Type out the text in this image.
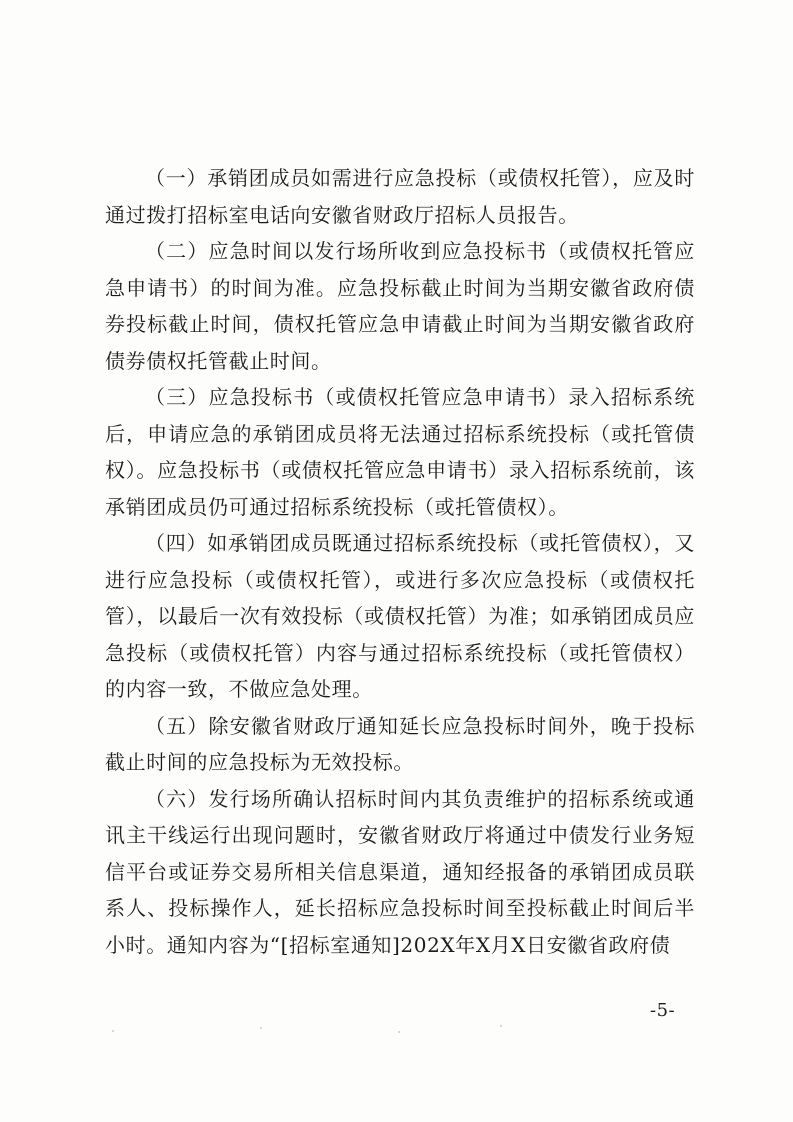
（一）承销团成员如需进行应急投标（或债权托管），应及时通过拨打招标室电话向安徽省财政厅招标人员报告。

（二）应急时间以发行场所收到应急投标书（或债权托管应急申请书）的时间为准。应急投标截止时间为当期安徽省政府债券投标截止时间，债权托管应急申请截止时间为当期安徽省政府债券债权托管截止时间。

（三）应急投标书（或债权托管应急申请书）录入招标系统后，申请应急的承销团成员将无法通过招标系统投标（或托管债权）。应急投标书（或债权托管应急申请书）录入招标系统前，该承销团成员仍可通过招标系统投标（或托管债权）。

（四）如承销团成员既通过招标系统投标（或托管债权），又进行应急投标（或债权托管），或进行多次应急投标（或债权托管），以最后一次有效投标（或债权托管）为准；如承销团成员应急投标（或债权托管）内容与通过招标系统投标（或托管债权）的内容一致，不做应急处理。

（五）除安徽省财政厅通知延长应急投标时间外，晚于投标截止时间的应急投标为无效投标。

（六）发行场所确认招标时间内其负责维护的招标系统或通讯主干线运行出现问题时，安徽省财政厅将通过中债发行业务短信平台或证券交易所相关信息渠道，通知经报备的承销团成员联系人、投标操作人，延长招标应急投标时间至投标截止时间后半小时。通知内容为“[招标室通知]202X年X月X日安徽省政府债

-5-
